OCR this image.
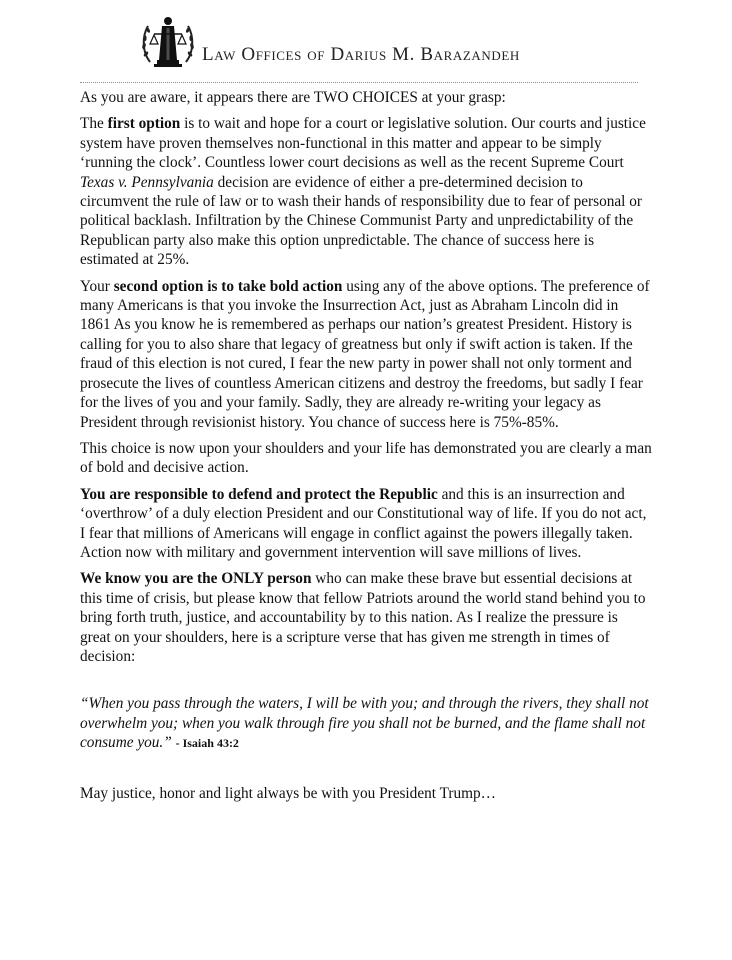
Law Offices of Darius M. Barazandeh

As you are aware, it appears there are TWO CHOICES at your grasp:

The first option is to wait and hope for a court or legislative solution. Our courts and justice system have proven themselves non-functional in this matter and appear to be simply ‘running the clock’. Countless lower court decisions as well as the recent Supreme Court Texas v. Pennsylvania decision are evidence of either a pre-determined decision to circumvent the rule of law or to wash their hands of responsibility due to fear of personal or political backlash. Infiltration by the Chinese Communist Party and unpredictability of the Republican party also make this option unpredictable. The chance of success here is estimated at 25%.

Your second option is to take bold action using any of the above options. The preference of many Americans is that you invoke the Insurrection Act, just as Abraham Lincoln did in 1861 As you know he is remembered as perhaps our nation’s greatest President. History is calling for you to also share that legacy of greatness but only if swift action is taken. If the fraud of this election is not cured, I fear the new party in power shall not only torment and prosecute the lives of countless American citizens and destroy the freedoms, but sadly I fear for the lives of you and your family. Sadly, they are already re-writing your legacy as President through revisionist history. You chance of success here is 75%-85%.

This choice is now upon your shoulders and your life has demonstrated you are clearly a man of bold and decisive action.

You are responsible to defend and protect the Republic and this is an insurrection and ‘overthrow’ of a duly election President and our Constitutional way of life. If you do not act, I fear that millions of Americans will engage in conflict against the powers illegally taken. Action now with military and government intervention will save millions of lives.

We know you are the ONLY person who can make these brave but essential decisions at this time of crisis, but please know that fellow Patriots around the world stand behind you to bring forth truth, justice, and accountability by to this nation. As I realize the pressure is great on your shoulders, here is a scripture verse that has given me strength in times of decision:

“When you pass through the waters, I will be with you; and through the rivers, they shall not overwhelm you; when you walk through fire you shall not be burned, and the flame shall not consume you.” - Isaiah 43:2

May justice, honor and light always be with you President Trump…
